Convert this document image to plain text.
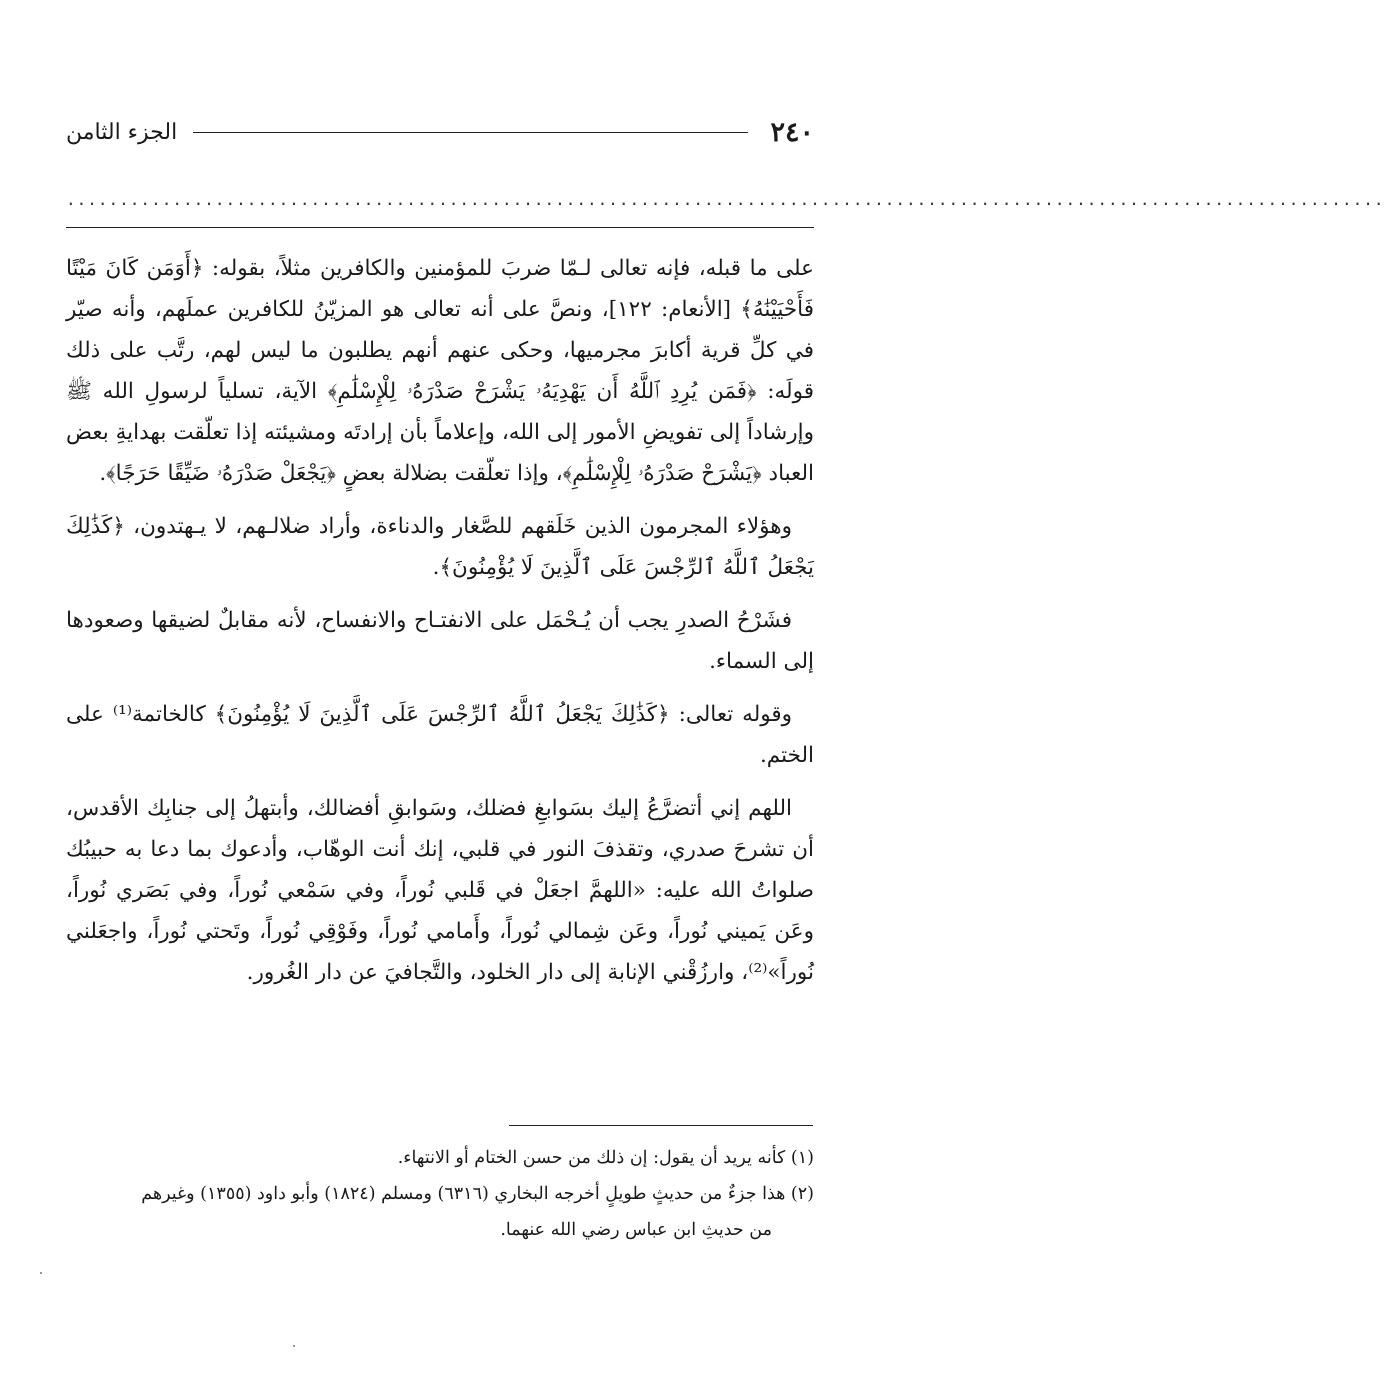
٢٤٠
الجزء الثامن
............................................................................................................................

على ما قبله، فإنه تعالى لـمّا ضربَ للمؤمنين والكافرين مثلاً، بقوله: ﴿أَوَمَن كَانَ مَيْتًا فَأَحْيَيْنَٰهُ﴾ [الأنعام: ١٢٢]، ونصَّ على أنه تعالى هو المزيّنُ للكافرين عملَهم، وأنه صيّر في كلِّ قرية أكابرَ مجرميها، وحكى عنهم أنهم يطلبون ما ليس لهم، رتَّب على ذلك قولَه: ﴿فَمَن يُرِدِ ٱللَّهُ أَن يَهْدِيَهُۥ يَشْرَحْ صَدْرَهُۥ لِلْإِسْلَٰمِ﴾ الآية، تسلياً لرسولِ الله ﷺ وإرشاداً إلى تفويضِ الأمور إلى الله، وإعلاماً بأن إرادتَه ومشيئته إذا تعلّقت بهدايةِ بعض العباد ﴿يَشْرَحْ صَدْرَهُۥ لِلْإِسْلَٰمِ﴾، وإذا تعلّقت بضلالة بعضٍ ﴿يَجْعَلْ صَدْرَهُۥ ضَيِّقًا حَرَجًا﴾.

وهؤلاء المجرمون الذين خَلَقهم للصَّغار والدناءة، وأراد ضلالـهم، لا يـهتدون، ﴿كَذَٰلِكَ يَجْعَلُ ٱللَّهُ ٱلرِّجْسَ عَلَى ٱلَّذِينَ لَا يُؤْمِنُونَ﴾.

فشَرْحُ الصدرِ يجب أن يُـحْمَل على الانفتـاح والانفساح، لأنه مقابلٌ لضيقها وصعودها إلى السماء.

وقوله تعالى: ﴿كَذَٰلِكَ يَجْعَلُ ٱللَّهُ ٱلرِّجْسَ عَلَى ٱلَّذِينَ لَا يُؤْمِنُونَ﴾ كالخاتمة⁽¹⁾ على الختم.

اللهم إني أتضرَّعُ إليك بسَوابغِ فضلك، وسَوابقِ أفضالك، وأبتهلُ إلى جنابِك الأقدس، أن تشرحَ صدري، وتقذفَ النور في قلبي، إنك أنت الوهّاب، وأدعوك بما دعا به حبيبُك صلواتُ الله عليه: «اللهمَّ اجعَلْ في قَلبي نُوراً، وفي سَمْعي نُوراً، وفي بَصَري نُوراً، وعَن يَميني نُوراً، وعَن شِمالي نُوراً، وأَمامي نُوراً، وفَوْقِي نُوراً، وتَحتي نُوراً، واجعَلني نُوراً»⁽²⁾، وارزُقْني الإنابة إلى دار الخلود، والتَّجافيَ عن دار الغُرور.

(١) كأنه يريد أن يقول: إن ذلك من حسن الختام أو الانتهاء.

(٢) هذا جزءٌ من حديثٍ طويلٍ أخرجه البخاري (٦٣١٦) ومسلم (١٨٢٤) وأبو داود (١٣٥٥) وغيرهم

من حديثِ ابن عباس رضي الله عنهما.
